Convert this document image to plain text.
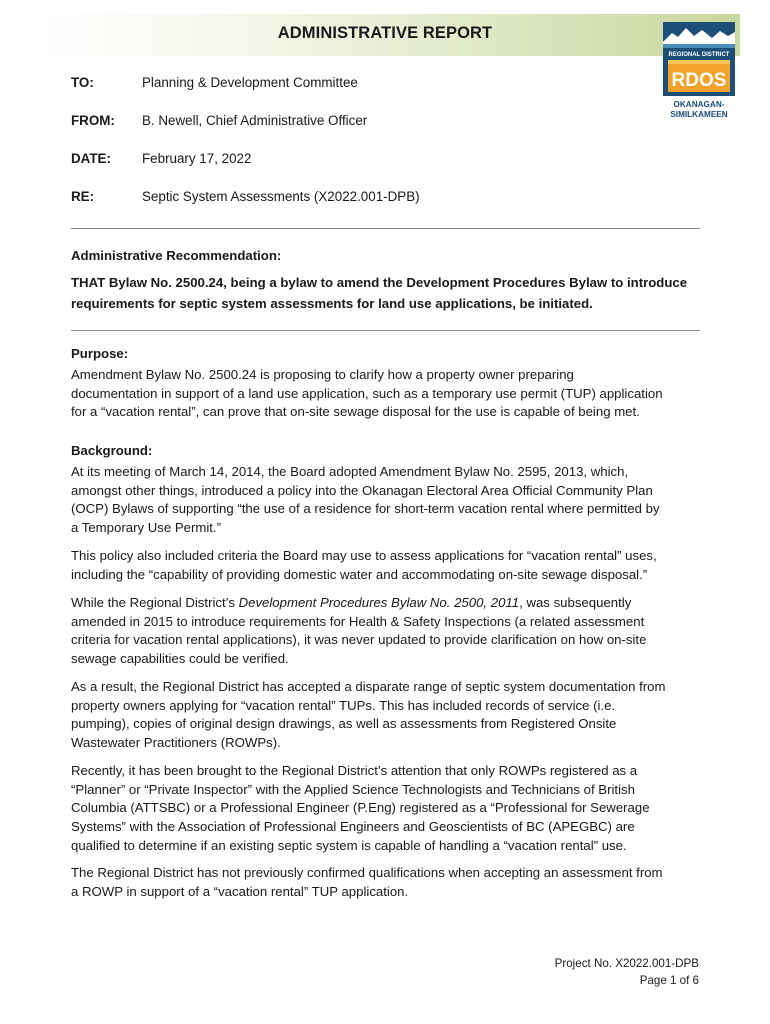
ADMINISTRATIVE REPORT
REGIONAL DISTRICT
RDOS
OKANAGAN-
SIMILKAMEEN
TO:	Planning & Development Committee
FROM: B. Newell, Chief Administrative Officer
DATE: February 17, 2022
RE:	Septic System Assessments (X2022.001-DPB)
Administrative Recommendation:
THAT Bylaw No. 2500.24, being a bylaw to amend the Development Procedures Bylaw to introduce
requirements for septic system assessments for land use applications, be initiated.
Purpose:
Amendment Bylaw No. 2500.24 is proposing to clarify how a property owner preparing
documentation in support of a land use application, such as a temporary use permit (TUP) application
for a “vacation rental”, can prove that on-site sewage disposal for the use is capable of being met.
Background:
At its meeting of March 14, 2014, the Board adopted Amendment Bylaw No. 2595, 2013, which,
amongst other things, introduced a policy into the Okanagan Electoral Area Official Community Plan
(OCP) Bylaws of supporting “the use of a residence for short-term vacation rental where permitted by
a Temporary Use Permit.”
This policy also included criteria the Board may use to assess applications for “vacation rental” uses,
including the “capability of providing domestic water and accommodating on-site sewage disposal.”
While the Regional District’s Development Procedures Bylaw No. 2500, 2011, was subsequently
amended in 2015 to introduce requirements for Health & Safety Inspections (a related assessment
criteria for vacation rental applications), it was never updated to provide clarification on how on-site
sewage capabilities could be verified.
As a result, the Regional District has accepted a disparate range of septic system documentation from
property owners applying for “vacation rental” TUPs. This has included records of service (i.e.
pumping), copies of original design drawings, as well as assessments from Registered Onsite
Wastewater Practitioners (ROWPs).
Recently, it has been brought to the Regional District’s attention that only ROWPs registered as a
“Planner” or “Private Inspector” with the Applied Science Technologists and Technicians of British
Columbia (ATTSBC) or a Professional Engineer (P.Eng) registered as a “Professional for Sewerage
Systems” with the Association of Professional Engineers and Geoscientists of BC (APEGBC) are
qualified to determine if an existing septic system is capable of handling a “vacation rental” use.
The Regional District has not previously confirmed qualifications when accepting an assessment from
a ROWP in support of a “vacation rental” TUP application.
Project No. X2022.001-DPB
Page 1 of 6
